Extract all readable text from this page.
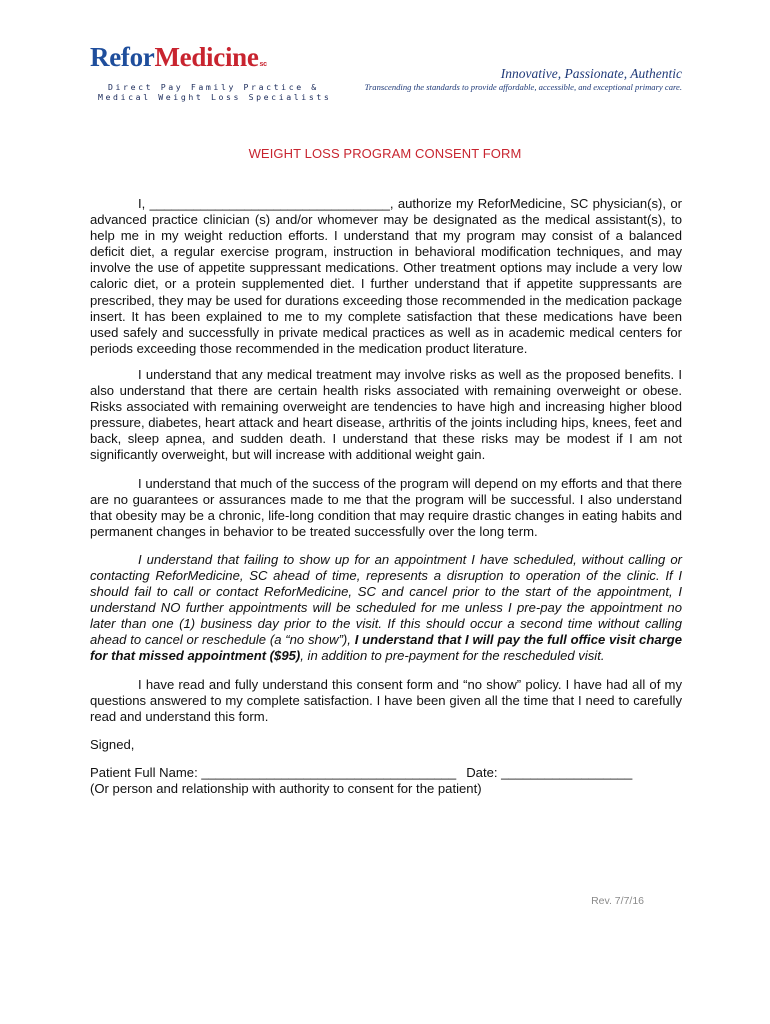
ReforMedicinesc
Direct Pay Family Practice &
Medical Weight Loss Specialists
Innovative, Passionate, Authentic
Transcending the standards to provide affordable, accessible, and exceptional primary care.
WEIGHT LOSS PROGRAM CONSENT FORM

I, _________________________________, authorize my ReforMedicine, SC physician(s), or advanced practice clinician (s) and/or whomever may be designated as the medical assistant(s), to help me in my weight reduction efforts. I understand that my program may consist of a balanced deficit diet, a regular exercise program, instruction in behavioral modification techniques, and may involve the use of appetite suppressant medications. Other treatment options may include a very low caloric diet, or a protein supplemented diet. I further understand that if appetite suppressants are prescribed, they may be used for durations exceeding those recommended in the medication package insert. It has been explained to me to my complete satisfaction that these medications have been used safely and successfully in private medical practices as well as in academic medical centers for periods exceeding those recommended in the medication product literature.

I understand that any medical treatment may involve risks as well as the proposed benefits. I also understand that there are certain health risks associated with remaining overweight or obese. Risks associated with remaining overweight are tendencies to have high and increasing higher blood pressure, diabetes, heart attack and heart disease, arthritis of the joints including hips, knees, feet and back, sleep apnea, and sudden death. I understand that these risks may be modest if I am not significantly overweight, but will increase with additional weight gain.

I understand that much of the success of the program will depend on my efforts and that there are no guarantees or assurances made to me that the program will be successful. I also understand that obesity may be a chronic, life-long condition that may require drastic changes in eating habits and permanent changes in behavior to be treated successfully over the long term.

I understand that failing to show up for an appointment I have scheduled, without calling or contacting ReforMedicine, SC ahead of time, represents a disruption to operation of the clinic. If I should fail to call or contact ReforMedicine, SC and cancel prior to the start of the appointment, I understand NO further appointments will be scheduled for me unless I pre-pay the appointment no later than one (1) business day prior to the visit. If this should occur a second time without calling ahead to cancel or reschedule (a “no show”), I understand that I will pay the full office visit charge for that missed appointment ($95), in addition to pre-payment for the rescheduled visit.

I have read and fully understand this consent form and “no show” policy. I have had all of my questions answered to my complete satisfaction. I have been given all the time that I need to carefully read and understand this form.

Signed,

Patient Full Name: ___________________________________ Date: __________________

(Or person and relationship with authority to consent for the patient)

Rev. 7/7/16
